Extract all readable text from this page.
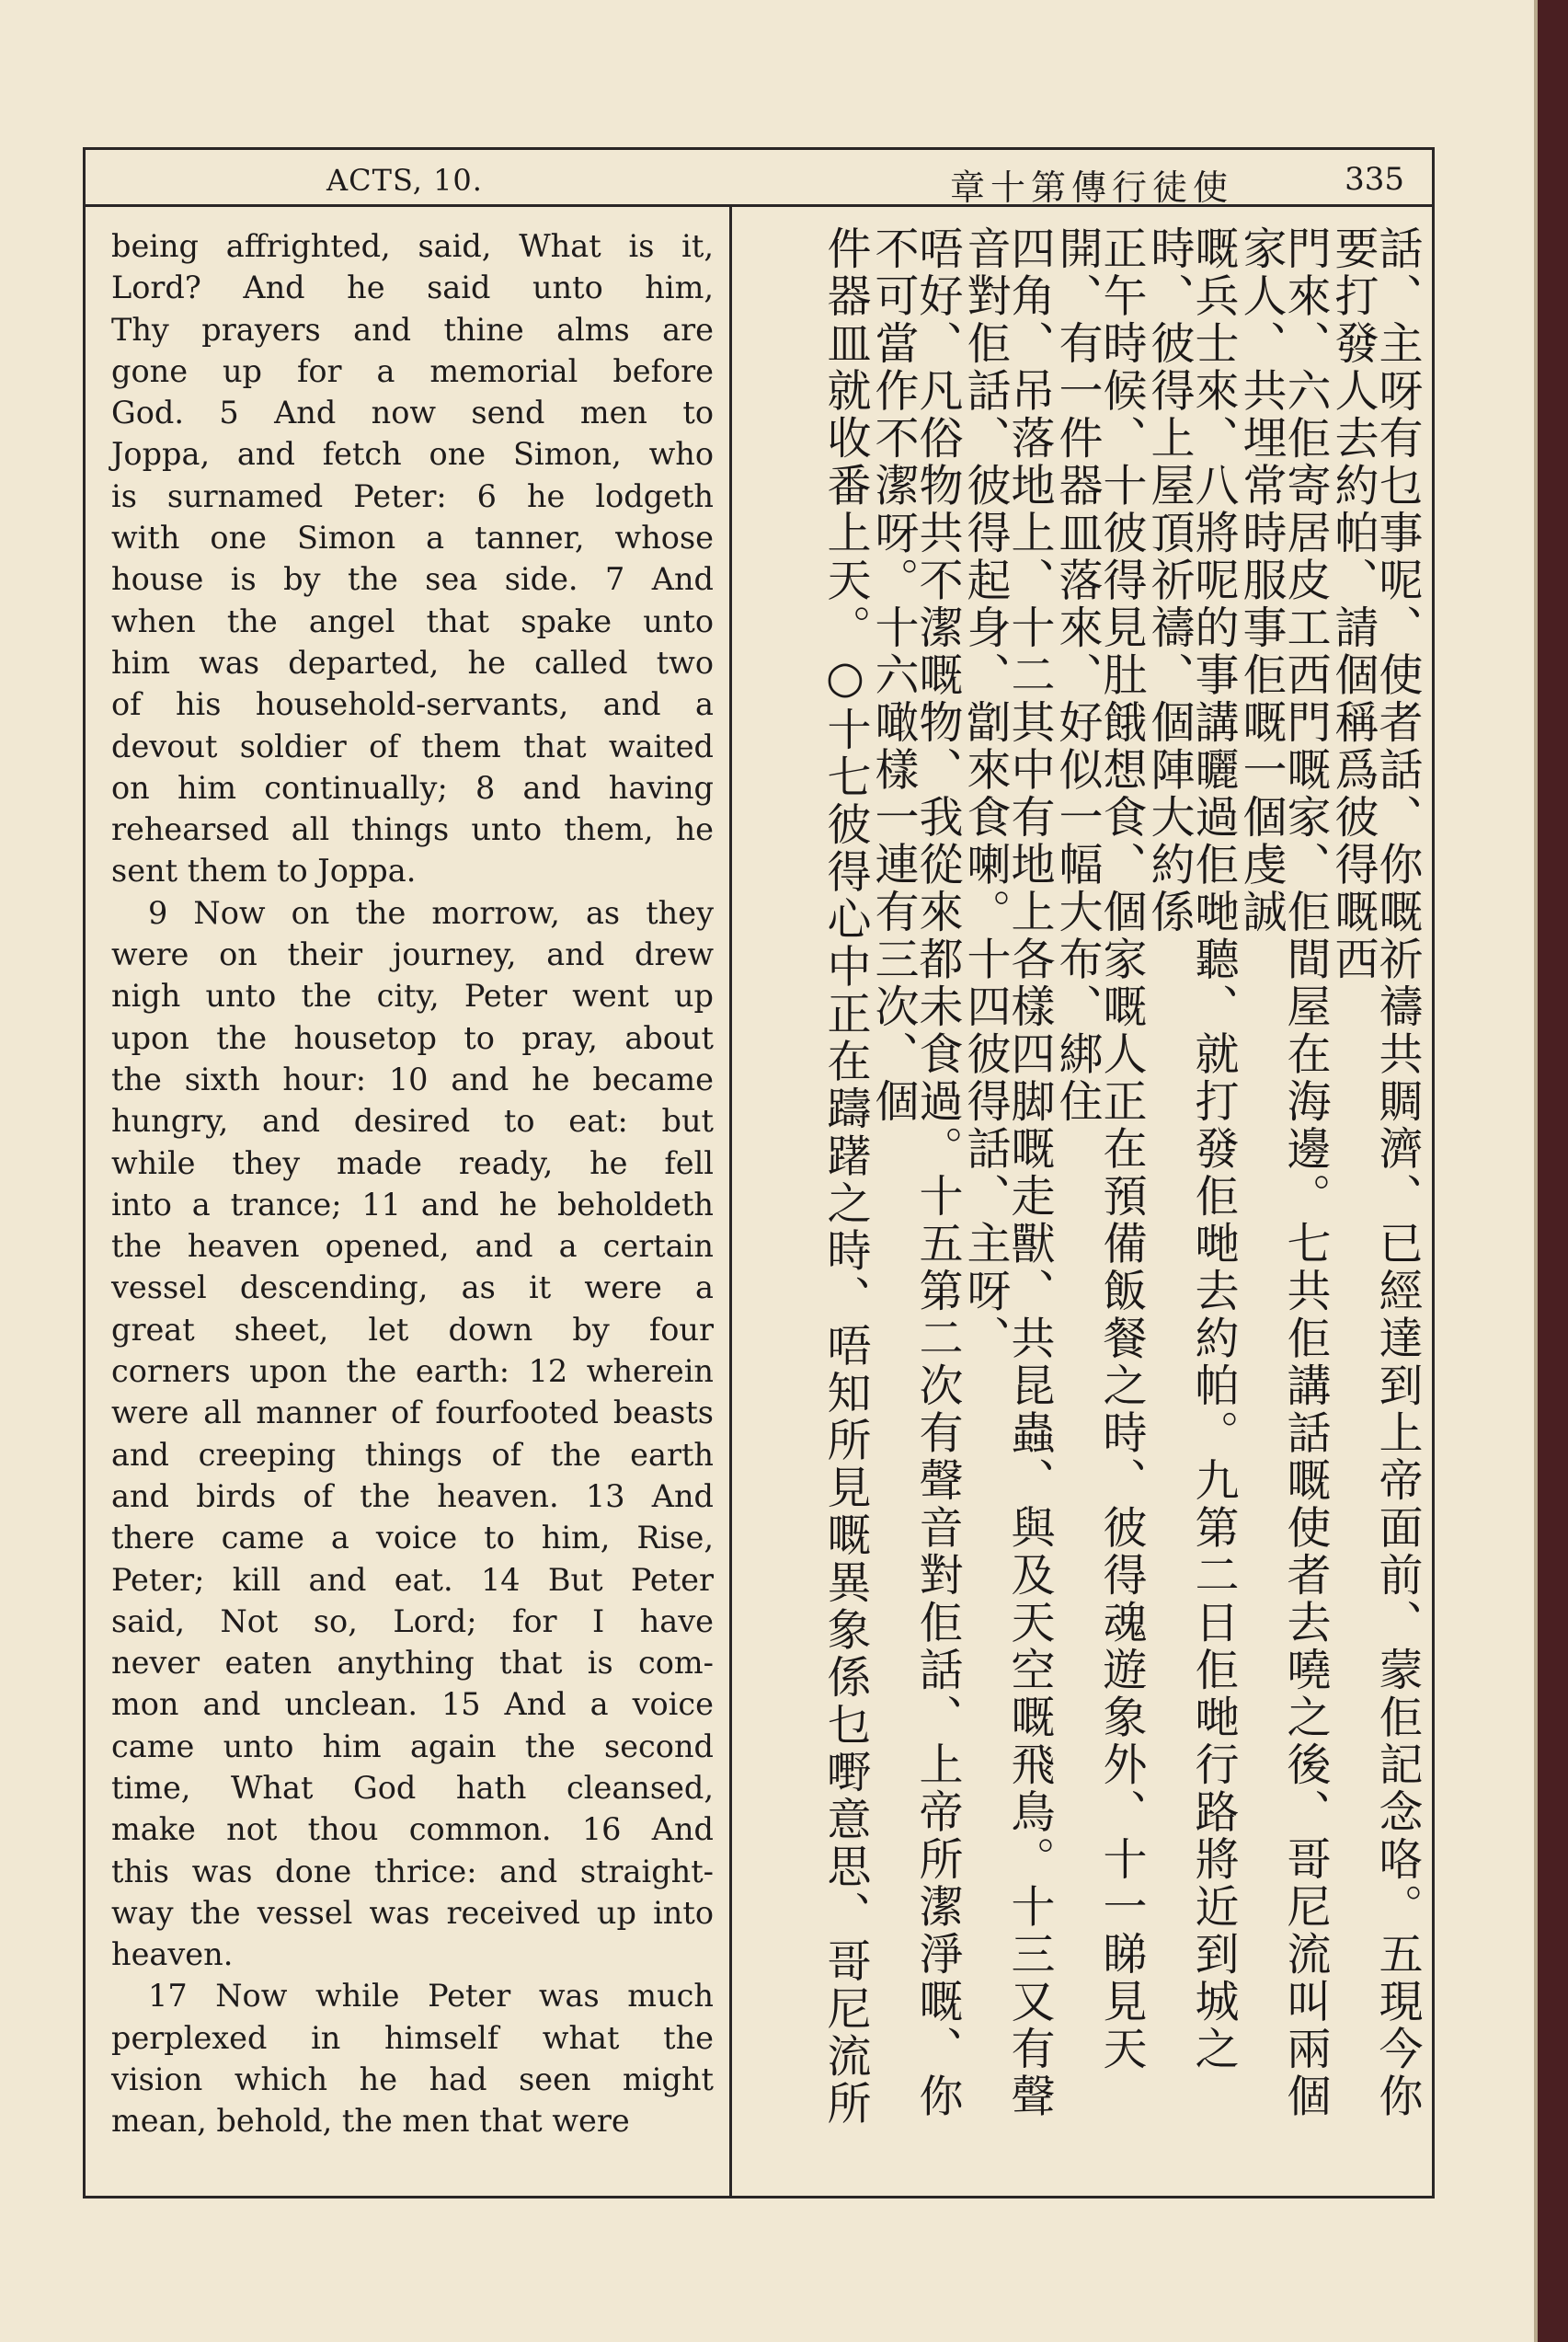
ACTS, 10.	章十第傳行徒使	335
being affrighted, said, What is it,
Lord? And he said unto him,
Thy prayers and thine alms are
gone up for a memorial before
God. 5 And now send men to
Joppa, and fetch one Simon, who
is surnamed Peter: 6 he lodgeth
with one Simon a tanner, whose
house is by the sea side. 7 And
when the angel that spake unto
him was departed, he called two
of his household-servants, and a
devout soldier of them that waited
on him continually; 8 and having
rehearsed all things unto them, he
sent them to Joppa.
9 Now on the morrow, as they
were on their journey, and drew
nigh unto the city, Peter went up
upon the housetop to pray, about
the sixth hour: 10 and he became
hungry, and desired to eat: but
while they made ready, he fell
into a trance; 11 and he beholdeth
the heaven opened, and a certain
vessel descending, as it were a
great sheet, let down by four
corners upon the earth: 12 wherein
were all manner of fourfooted beasts
and creeping things of the earth
and birds of the heaven. 13 And
there came a voice to him, Rise,
Peter; kill and eat. 14 But Peter
said, Not so, Lord; for I have
never eaten anything that is com-
mon and unclean. 15 And a voice
came unto him again the second
time, What God hath cleansed,
make not thou common. 16 And
this was done thrice: and straight-
way the vessel was received up into
heaven.
17 Now while Peter was much
perplexed in himself what the
vision which he had seen might
mean, behold, the men that were
話、主呀有乜事呢、使者話、你嘅祈禱共賙濟、已經達到上帝面前、蒙佢記念咯。五現今你要打發人去約帕、請個稱爲彼得嘅西
門來、六佢寄居皮工西門嘅家、佢間屋在海邊。七共佢講話嘅使者去嘵之後、哥尼流叫兩個家人、共埋常時服事佢嘅一個虔誠
嘅兵士來、八將呢的事講曬過佢哋聽、就打發佢哋去約帕。九第二日佢哋行路將近到城之時、彼得上屋頂祈禱、個陣大約係
正午時候、十彼得見肚餓想食、個家嘅人正在預備飯餐之時、彼得魂遊象外、十一睇見天開、有一件器皿落來、好似一幅大布、綁住
四角、吊落地上、十二其中有地上各樣四脚嘅走獸、共昆蟲、與及天空嘅飛鳥。十三又有聲音對佢話、彼得起身、劏來食喇。十四彼得話、主呀、
唔好、凡俗物共不潔嘅物、我從來都未食過。十五第二次有聲音對佢話、上帝所潔淨嘅、你不可當作不潔呀。十六噉樣一連有三次、個
件器皿就收番上天。○十七彼得心中正在躊躇之時、唔知所見嘅異象係乜嘢意思、哥尼流所
